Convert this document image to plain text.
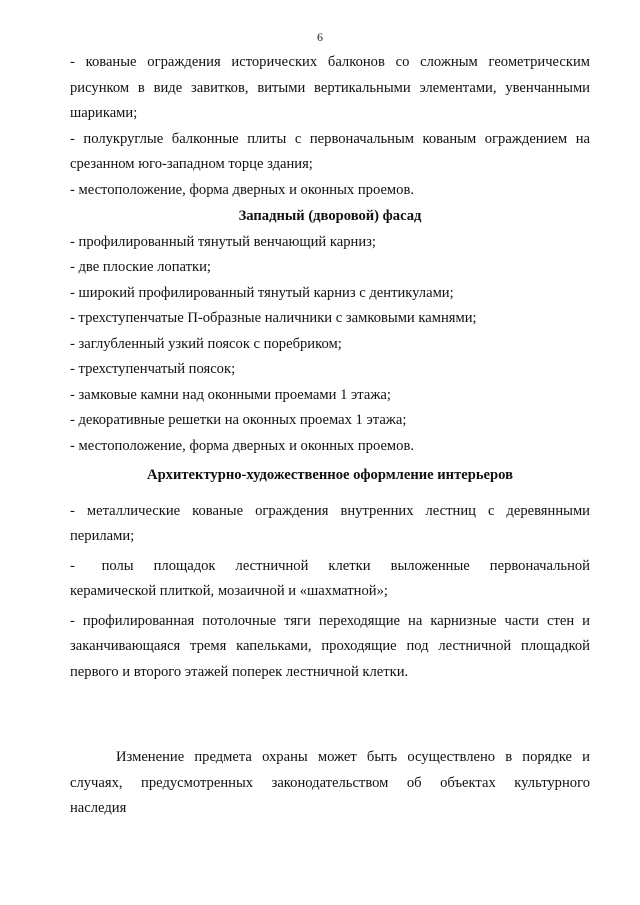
6
- кованые ограждения исторических балконов со сложным геометрическим
рисунком в виде завитков, витыми вертикальными элементами, увенчанными
шариками;
- полукруглые балконные плиты с первоначальным кованым ограждением на
срезанном юго-западном торце здания;
- местоположение, форма дверных и оконных проемов.
Западный (дворовой) фасад
- профилированный тянутый венчающий карниз;
- две плоские лопатки;
- широкий профилированный тянутый карниз с дентикулами;
- трехступенчатые П-образные наличники с замковыми камнями;
- заглубленный узкий поясок с поребриком;
- трехступенчатый поясок;
- замковые камни над оконными проемами 1 этажа;
- декоративные решетки на оконных проемах 1 этажа;
- местоположение, форма дверных и оконных проемов.
Архитектурно-художественное оформление интерьеров
- металлические кованые ограждения внутренних лестниц с деревянными
перилами;
-    полы   площадок   лестничной   клетки   выложенные   первоначальной
керамической плиткой, мозаичной и «шахматной»;
- профилированная потолочные тяги переходящие на карнизные части стен и
заканчивающаяся тремя капельками, проходящие под лестничной площадкой
первого и второго этажей поперек лестничной клетки.
Изменение предмета охраны может быть осуществлено в порядке и
случаях, предусмотренных законодательством об объектах культурного
наследия
